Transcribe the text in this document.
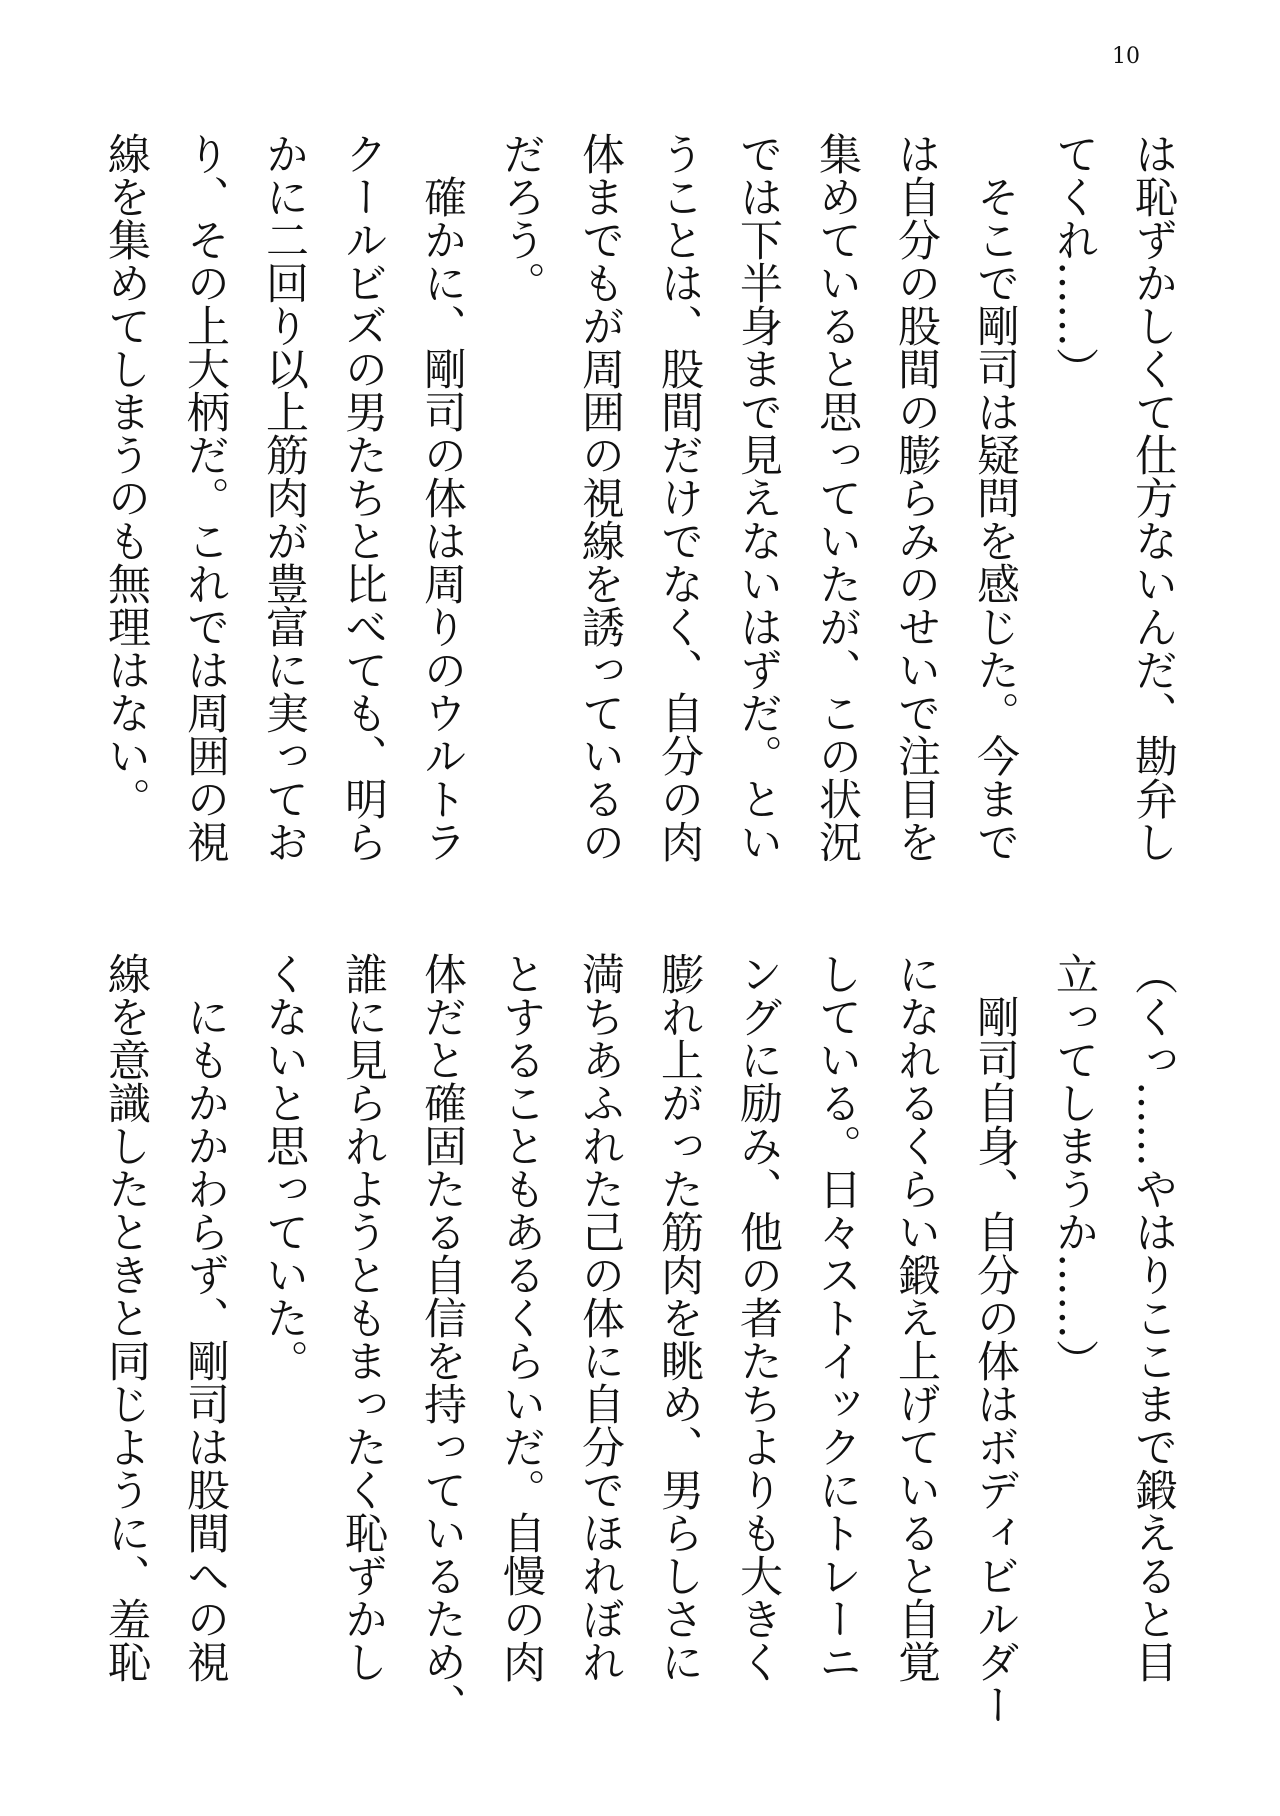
10
は恥ずかしくて仕方ないんだ、勘弁し
てくれ……）
　そこで剛司は疑問を感じた。今まで
は自分の股間の膨らみのせいで注目を
集めていると思っていたが、この状況
では下半身まで見えないはずだ。とい
うことは、股間だけでなく、自分の肉
体までもが周囲の視線を誘っているの
だろう。
　確かに、剛司の体は周りのウルトラ
クールビズの男たちと比べても、明ら
かに二回り以上筋肉が豊富に実ってお
り、その上大柄だ。これでは周囲の視
線を集めてしまうのも無理はない。
（くっ……やはりここまで鍛えると目
立ってしまうか……）
　剛司自身、自分の体はボディビルダー
になれるくらい鍛え上げていると自覚
している。日々ストイックにトレーニ
ングに励み、他の者たちよりも大きく
膨れ上がった筋肉を眺め、男らしさに
満ちあふれた己の体に自分でほれぼれ
とすることもあるくらいだ。自慢の肉
体だと確固たる自信を持っているため、
誰に見られようともまったく恥ずかし
くないと思っていた。
　にもかかわらず、剛司は股間への視
線を意識したときと同じように、羞恥
